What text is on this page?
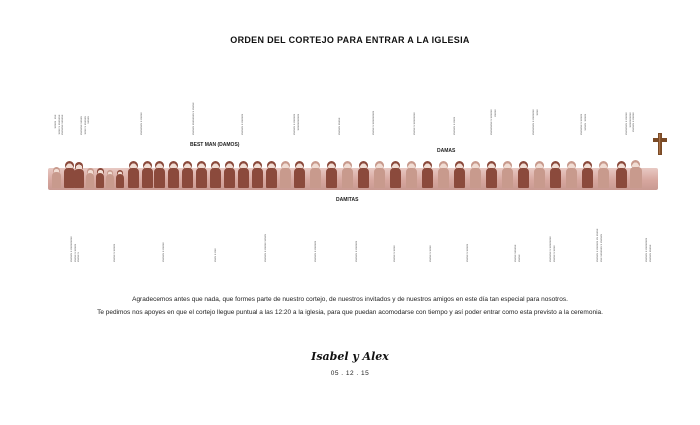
ORDEN DEL CORTEJO PARA ENTRAR A LA IGLESIA
xxxxx  xxx
xxxx x xxxxxxx
xxxxxxx xxxxxx
xxxxxxx xxxxx
xxxx x xxxxxx
xxxxx	xxxxxxxx x xxxxx	xxxxxx xxxxxxxx x xxxxx	xxxxxx x xxxxxx	xxxxxx x xxxxxx
xxxxxxxxxxx	xxxxxx xxxxx	xxxxx x xxxxxxxxx	xxxxx x xxxxxxxx	xxxxxx x xxxx	xxxxxxxxx x xxxxxx
xxxxx
xxxxxxxx x xxxxxxx
xxxx
xxxxxxx x xxxxx
xxxxx  xxxxx
xxxxxxxx x xxxxx
xxxxxxxxxx
xxxxxx x xxxxx
BEST MAN (DAMOS)
DAMAS
DAMITAS
xxxxxx x xxxxxxxxx
xxxxx x xxxxx
xxxxx x	xxxxx x xxxxx	xxxxxx x xxxxx	xxxx x xxx	xxxxxx x xxxxx xxxxx	xxxxxx x xxxxxx	xxxxxx x xxxxxx	xxxxx x xxxx	xxxxx x xxxx	xxxxx x xxxxx	xxxxx xxxxxx
xxxxx	xxxxxxx x xxxxxxxx
xxxxx x xxxx
xxxxxx x xxxxxx xx xxxxx
xxx xxxxxxx x xxxxxx
xxxxxx x xxxxxxxx
xxxxxx xxxxx
Agradecemos antes que nada, que formes parte de nuestro cortejo, de nuestros invitados y de nuestros amigos en este día tan especial para nosotros.
Te pedimos nos apoyes en que el cortejo llegue puntual a las 12:20 a la iglesia, para que puedan acomodarse con tiempo y así poder entrar como esta previsto a la ceremonia.
Isabel y Alex
05 . 12 . 15
